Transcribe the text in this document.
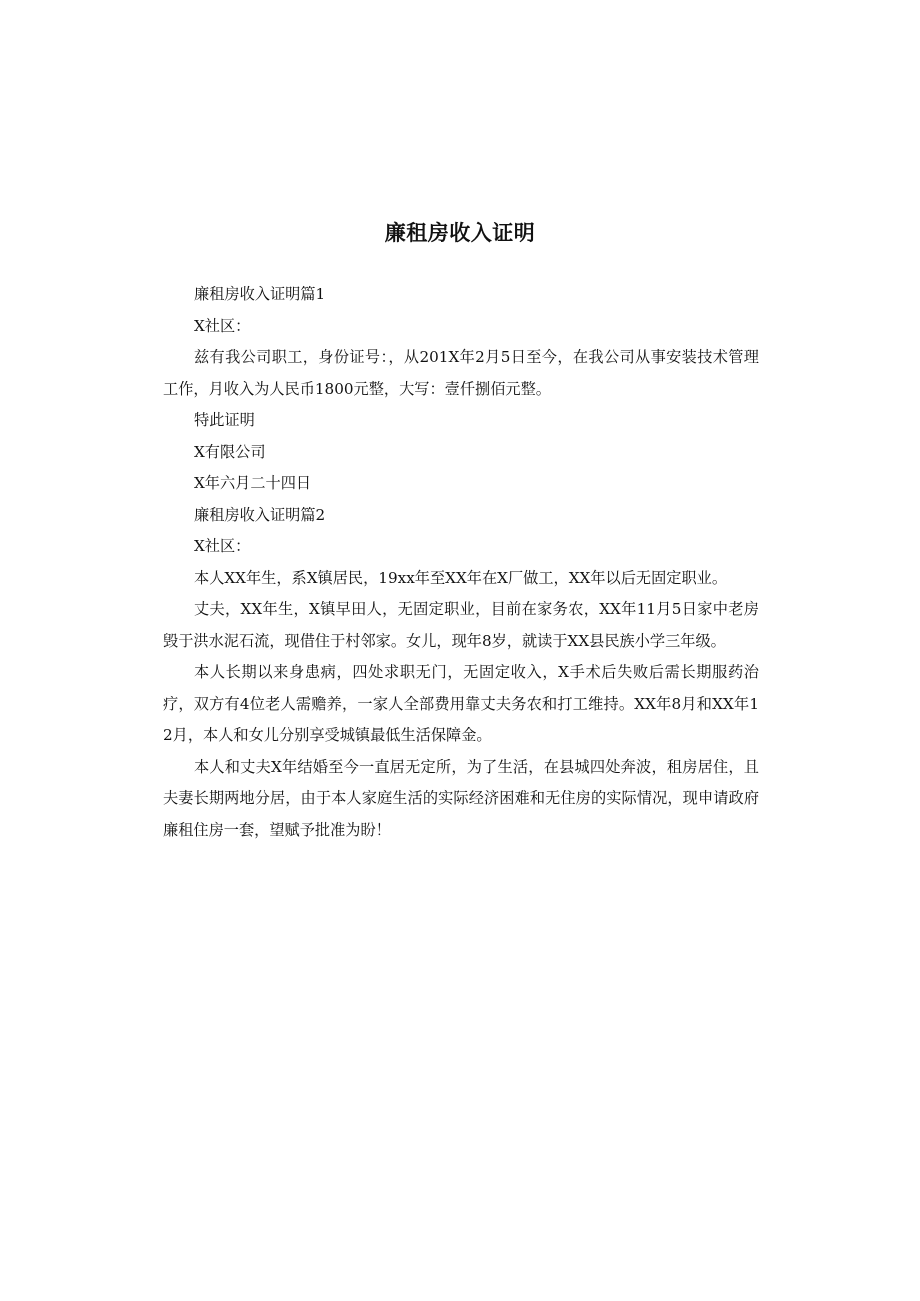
廉租房收入证明

廉租房收入证明篇1

X社区：

兹有我公司职工，身份证号：，从201X年2月5日至今，在我公司从事安装技术管理工作，月收入为人民币1800元整，大写：壹仟捌佰元整。

特此证明

X有限公司

X年六月二十四日

廉租房收入证明篇2

X社区：

本人XX年生，系X镇居民，19xx年至XX年在X厂做工，XX年以后无固定职业。

丈夫，XX年生，X镇早田人，无固定职业，目前在家务农，XX年11月5日家中老房毁于洪水泥石流，现借住于村邻家。女儿，现年8岁，就读于XX县民族小学三年级。

本人长期以来身患病，四处求职无门，无固定收入，X手术后失败后需长期服药治疗，双方有4位老人需赡养，一家人全部费用靠丈夫务农和打工维持。XX年8月和XX年12月，本人和女儿分别享受城镇最低生活保障金。

本人和丈夫X年结婚至今一直居无定所，为了生活，在县城四处奔波，租房居住，且夫妻长期两地分居，由于本人家庭生活的实际经济困难和无住房的实际情况，现申请政府廉租住房一套，望赋予批准为盼！
